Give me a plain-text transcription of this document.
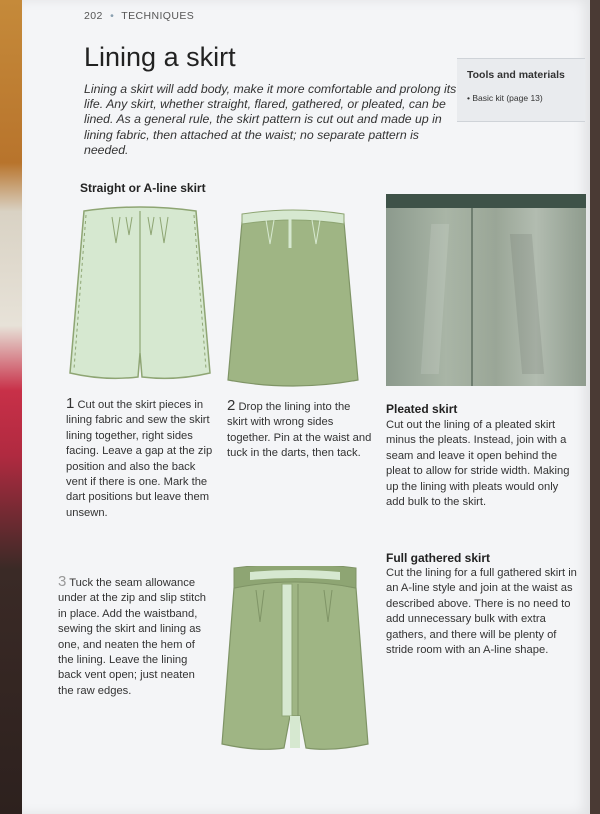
202 • TECHNIQUES
Lining a skirt
Lining a skirt will add body, make it more comfortable and prolong its life. Any skirt, whether straight, flared, gathered, or pleated, can be lined. As a general rule, the skirt pattern is cut out and made up in lining fabric, then attached at the waist; no separate pattern is needed.
Tools and materials
• Basic kit (page 13)
Straight or A-line skirt
1 Cut out the skirt pieces in lining fabric and sew the skirt lining together, right sides facing. Leave a gap at the zip position and also the back vent if there is one. Mark the dart positions but leave them unsewn.
2 Drop the lining into the skirt with wrong sides together. Pin at the waist and tuck in the darts, then tack.
Pleated skirt
Cut out the lining of a pleated skirt minus the pleats. Instead, join with a seam and leave it open behind the pleat to allow for stride width. Making up the lining with pleats would only add bulk to the skirt.
3 Tuck the seam allowance under at the zip and slip stitch in place. Add the waistband, sewing the skirt and lining as one, and neaten the hem of the lining. Leave the lining back vent open; just neaten the raw edges.
Full gathered skirt
Cut the lining for a full gathered skirt in an A-line style and join at the waist as described above. There is no need to add unnecessary bulk with extra gathers, and there will be plenty of stride room with an A-line shape.
